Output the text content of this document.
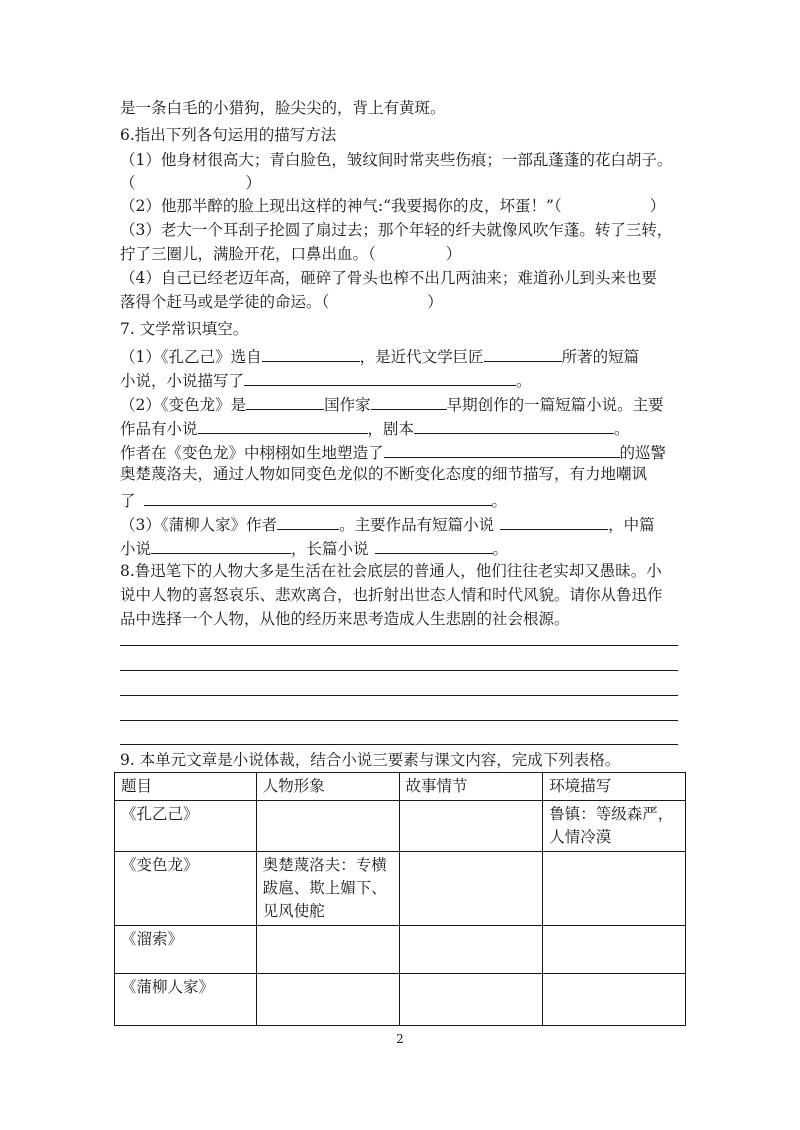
是一条白毛的小猎狗，脸尖尖的，背上有黄斑。
6.指出下列各句运用的描写方法
（1）他身材很高大；青白脸色，皱纹间时常夹些伤痕；一部乱蓬蓬的花白胡子。
（	）
（2）他那半醉的脸上现出这样的神气:“我要揭你的皮，坏蛋！”（	）
（3）老大一个耳刮子抡圆了扇过去；那个年轻的纤夫就像风吹乍蓬。转了三转，
拧了三圈儿，满脸开花，口鼻出血。（	）
（4）自己已经老迈年高，砸碎了骨头也榨不出几两油来；难道孙儿到头来也要
落得个赶马或是学徒的命运。（	）
7. 文学常识填空。
（1）《孔乙己》选自	，是近代文学巨匠	所著的短篇
小说，小说描写了	。
（2）《变色龙》是	国作家	早期创作的一篇短篇小说。主要
作品有小说	，剧本	。
作者在《变色龙》中栩栩如生地塑造了	的巡警
奥楚蔑洛夫，通过人物如同变色龙似的不断变化态度的细节描写，有力地嘲讽
了	。
（3）《蒲柳人家》作者	。主要作品有短篇小说	，中篇
小说	，长篇小说	。
8.鲁迅笔下的人物大多是生活在社会底层的普通人，他们往往老实却又愚昧。小
说中人物的喜怒哀乐、悲欢离合，也折射出世态人情和时代风貌。请你从鲁迅作
品中选择一个人物，从他的经历来思考造成人生悲剧的社会根源。
9. 本单元文章是小说体裁，结合小说三要素与课文内容，完成下列表格。
题目	人物形象	故事情节	环境描写
《孔乙己》			鲁镇：等级森严，人情冷漠
《变色龙》	奥楚蔑洛夫：专横跋扈、欺上媚下、见风使舵		
《溜索》			
《蒲柳人家》			
2
